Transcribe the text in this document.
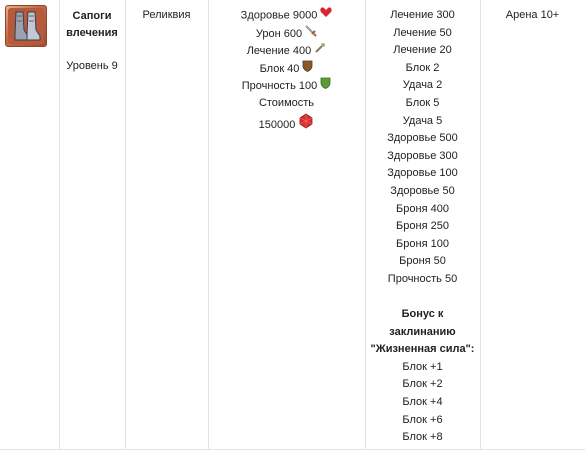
Сапоги
влечения
Уровень 9
Реликвия	Здоровье 9000
Урон 600
Лечение 400
Блок 40
Прочность 100
Стоимость
150000
Лечение 300
Лечение 50
Лечение 20
Блок 2
Удача 2
Блок 5
Удача 5
Здоровье 500
Здоровье 300
Здоровье 100
Здоровье 50
Броня 400
Броня 250
Броня 100
Броня 50
Прочность 50
Бонус к
заклинанию
"Жизненная сила":
Блок +1
Блок +2
Блок +4
Блок +6
Блок +8
Арена 10+
